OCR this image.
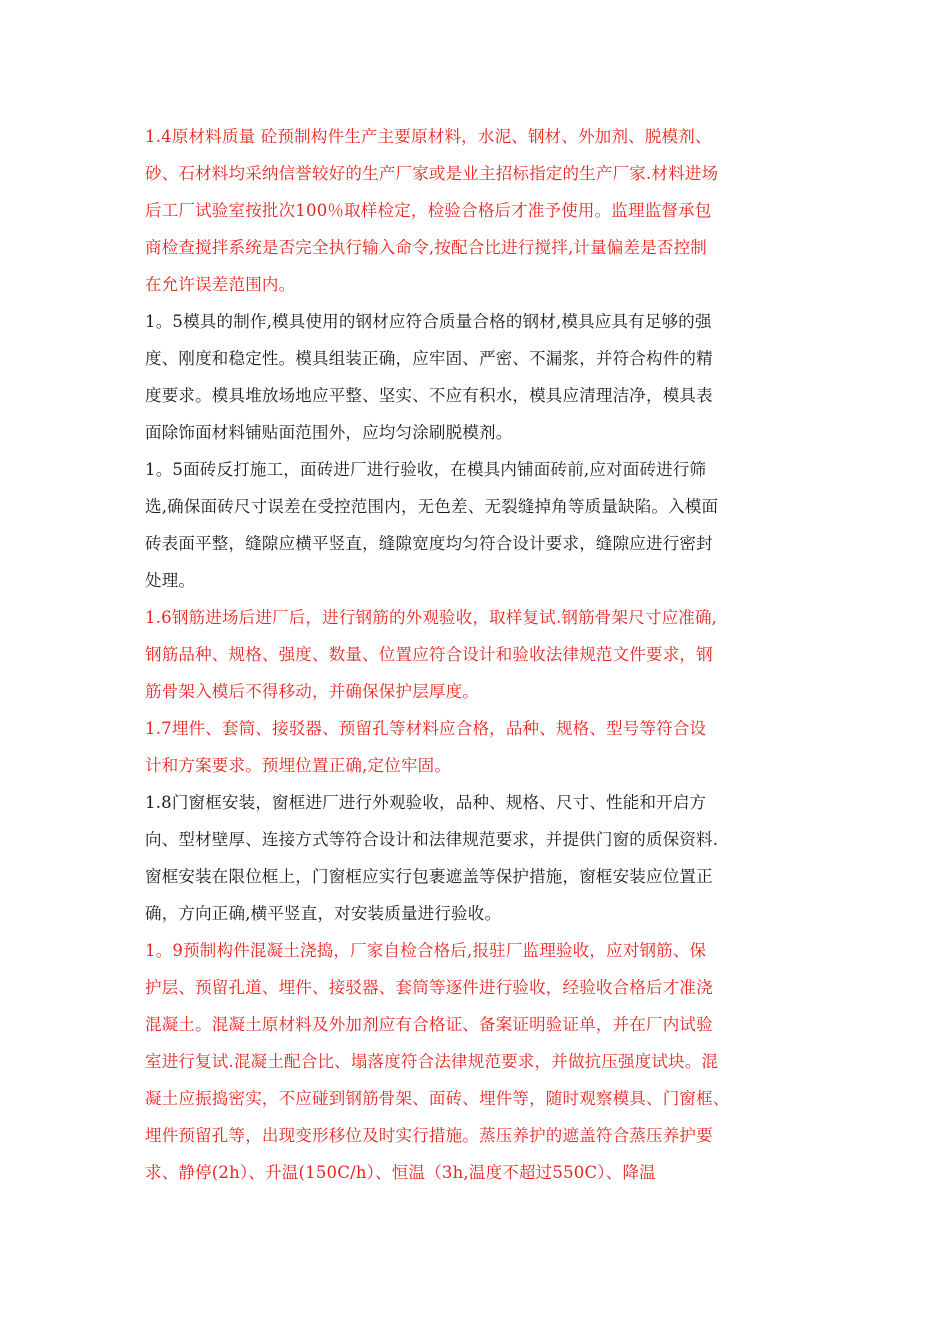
1.4原材料质量 砼预制构件生产主要原材料，水泥、钢材、外加剂、脱模剂、
砂、石材料均采纳信誉较好的生产厂家或是业主招标指定的生产厂家.材料进场
后工厂试验室按批次100％取样检定，检验合格后才准予使用。监理监督承包
商检查搅拌系统是否完全执行输入命令,按配合比进行搅拌,计量偏差是否控制
在允许误差范围内。
1。5模具的制作,模具使用的钢材应符合质量合格的钢材,模具应具有足够的强
度、刚度和稳定性。模具组装正确，应牢固、严密、不漏浆，并符合构件的精
度要求。模具堆放场地应平整、坚实、不应有积水，模具应清理洁净，模具表
面除饰面材料铺贴面范围外，应均匀涂刷脱模剂。
1。5面砖反打施工，面砖进厂进行验收，在模具内铺面砖前,应对面砖进行筛
选,确保面砖尺寸误差在受控范围内，无色差、无裂缝掉角等质量缺陷。入模面
砖表面平整，缝隙应横平竖直，缝隙宽度均匀符合设计要求，缝隙应进行密封
处理。
1.6钢筋进场后进厂后，进行钢筋的外观验收，取样复试.钢筋骨架尺寸应准确,
钢筋品种、规格、强度、数量、位置应符合设计和验收法律规范文件要求，钢
筋骨架入模后不得移动，并确保保护层厚度。
1.7埋件、套筒、接驳器、预留孔等材料应合格，品种、规格、型号等符合设
计和方案要求。预埋位置正确,定位牢固。
1.8门窗框安装，窗框进厂进行外观验收，品种、规格、尺寸、性能和开启方
向、型材壁厚、连接方式等符合设计和法律规范要求，并提供门窗的质保资料.
窗框安装在限位框上，门窗框应实行包裹遮盖等保护措施，窗框安装应位置正
确，方向正确,横平竖直，对安装质量进行验收。
1。9预制构件混凝土浇捣，厂家自检合格后,报驻厂监理验收，应对钢筋、保
护层、预留孔道、埋件、接驳器、套筒等逐件进行验收，经验收合格后才准浇
混凝土。混凝土原材料及外加剂应有合格证、备案证明验证单，并在厂内试验
室进行复试.混凝土配合比、塌落度符合法律规范要求，并做抗压强度试块。混
凝土应振捣密实，不应碰到钢筋骨架、面砖、埋件等，随时观察模具、门窗框、
埋件预留孔等，出现变形移位及时实行措施。蒸压养护的遮盖符合蒸压养护要
求、静停(2h）、升温(150C/h）、恒温（3h,温度不超过550C）、降温
